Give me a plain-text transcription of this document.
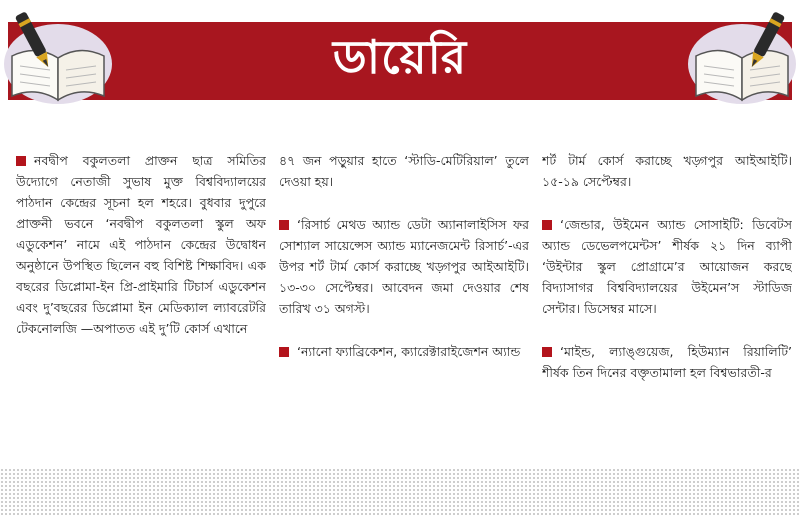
ডায়েরি

নবদ্বীপ বকুলতলা প্রাক্তন ছাত্র সমিতির উদ্যোগে নেতাজী সুভাষ মুক্ত বিশ্ববিদ্যালয়ের পাঠদান কেন্দ্রের সূচনা হল শহরে। বুধবার দুপুরে প্রাক্তনী ভবনে ‘নবদ্বীপ বকুলতলা স্কুল অফ এডুকেশন’ নামে এই পাঠদান কেন্দ্রের উদ্বোধন অনুষ্ঠানে উপস্থিত ছিলেন বহু বিশিষ্ট শিক্ষাবিদ। এক বছরের ডিপ্লোমা-ইন প্রি-প্রাইমারি টিচার্স এডুকেশন এবং দু’বছরের ডিপ্লোমা ইন মেডিক্যাল ল্যাবরেটরি টেকনোলজি —অপাতত এই দু’টি কোর্স এখানে

৪৭ জন পড়ুয়ার হাতে ‘স্টাডি-মেটিরিয়াল’ তুলে দেওয়া হয়।

‘রিসার্চ মেথড অ্যান্ড ডেটা অ্যানালাইসিস ফর সোশ্যাল সায়েন্সেস অ্যান্ড ম্যানেজমেন্ট রিসার্চ’-এর উপর শর্ট টার্ম কোর্স করাচ্ছে খড়্গপুর আইআইটি। ১৩-৩০ সেপ্টেম্বর। আবেদন জমা দেওয়ার শেষ তারিখ ৩১ অগস্ট।

‘ন্যানো ফ্যাব্রিকেশন, ক্যারেক্টারাইজেশন অ্যান্ড

শর্ট টার্ম কোর্স করাচ্ছে খড়্গপুর আইআইটি। ১৫-১৯ সেপ্টেম্বর।

‘জেন্ডার, উইমেন অ্যান্ড সোসাইটি: ডিবেটস অ্যান্ড ডেভেলপমেন্টস’ শীর্ষক ২১ দিন ব্যাপী ‘উইন্টার স্কুল প্রোগ্রামে’র আয়োজন করছে বিদ্যাসাগর বিশ্ববিদ্যালয়ের উইমেন’স স্টাডিজ সেন্টার। ডিসেম্বর মাসে।

‘মাইন্ড, ল্যাঙ্গুয়েজ, হিউম্যান রিয়ালিটি’ শীর্ষক তিন দিনের বক্তৃতামালা হল বিশ্বভারতী-র
